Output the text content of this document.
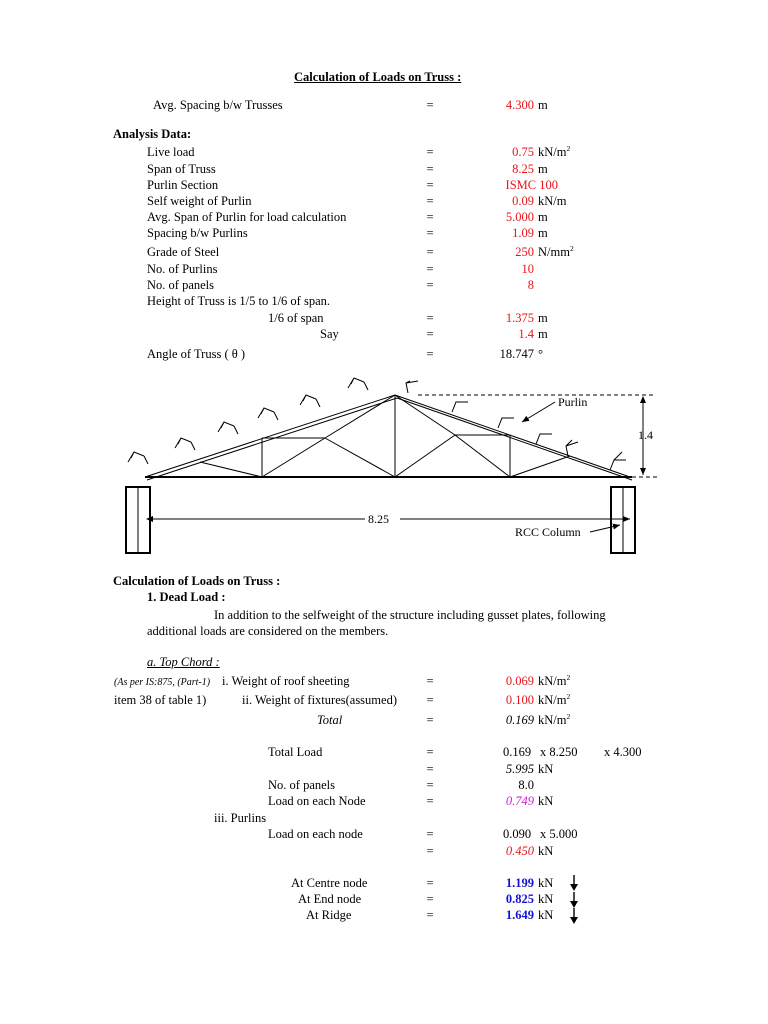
Calculation of Loads on Truss :
Avg. Spacing b/w Trusses	=	4.300 m
Analysis Data:
Live load	=	0.75 $kN/m^2$
Span of Truss	=	8.25 m
Purlin Section	=	ISMC 100
Self weight of Purlin	=	0.09 kN/m
Avg. Span of Purlin for load calculation	=	5.000 m
Spacing b/w Purlins	=	1.09 m
Grade of Steel	=	250 $N/mm^2$
No. of Purlins	=	10
No. of panels	=	8
Height of Truss is 1/5 to 1/6 of span.
1/6 of span	=	1.375 m
Say	=	1.4 m
Angle of Truss ( θ )	=	18.747 °
Purlin
1.4
8.25
RCC Column
Calculation of Loads on Truss :
1. Dead Load :
In addition to the selfweight of the structure including gusset plates, following
additional loads are considered on the members.
a. Top Chord :
(As per IS:875, (Part-1) i. Weight of roof sheeting	=	0.069 $kN/m^2$
item 38 of table 1)	ii. Weight of fixtures(assumed)	=	0.100 $kN/m^2$
Total	=	0.169 $kN/m^2$
Total Load	=	0.169 x 8.250 x 4.300
=	5.995 kN
No. of panels	=	8.0
Load on each Node	=	0.749 kN
iii. Purlins
Load on each node	=	0.090 x 5.000
=	0.450 kN
At Centre node	=	1.199 kN
At End node	=	0.825 kN
At Ridge	=	1.649 kN
